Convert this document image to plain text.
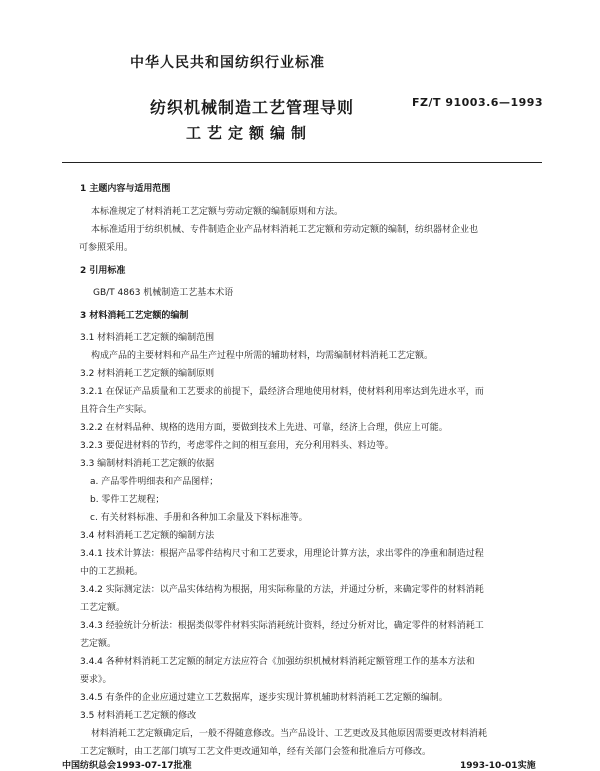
中华人民共和国纺织行业标准
纺织机械制造工艺管理导则
工艺定额编制
FZ/T 91003.6—1993
1 主题内容与适用范围
本标准规定了材料消耗工艺定额与劳动定额的编制原则和方法。
本标准适用于纺织机械、专件制造企业产品材料消耗工艺定额和劳动定额的编制，纺织器材企业也
可参照采用。
2 引用标准
GB/T 4863 机械制造工艺基本术语
3 材料消耗工艺定额的编制
3.1 材料消耗工艺定额的编制范围
构成产品的主要材料和产品生产过程中所需的辅助材料，均需编制材料消耗工艺定额。
3.2 材料消耗工艺定额的编制原则
3.2.1 在保证产品质量和工艺要求的前提下，最经济合理地使用材料，使材料利用率达到先进水平，而
且符合生产实际。
3.2.2 在材料品种、规格的选用方面，要做到技术上先进、可靠，经济上合理，供应上可能。
3.2.3 要促进材料的节约，考虑零件之间的相互套用，充分利用料头、料边等。
3.3 编制材料消耗工艺定额的依据
a. 产品零件明细表和产品图样；
b. 零件工艺规程；
c. 有关材料标准、手册和各种加工余量及下料标准等。
3.4 材料消耗工艺定额的编制方法
3.4.1 技术计算法：根据产品零件结构尺寸和工艺要求，用理论计算方法，求出零件的净重和制造过程
中的工艺损耗。
3.4.2 实际测定法：以产品实体结构为根据，用实际称量的方法，并通过分析，来确定零件的材料消耗
工艺定额。
3.4.3 经验统计分析法：根据类似零件材料实际消耗统计资料，经过分析对比，确定零件的材料消耗工
艺定额。
3.4.4 各种材料消耗工艺定额的制定方法应符合《加强纺织机械材料消耗定额管理工作的基本方法和
要求》。
3.4.5 有条件的企业应通过建立工艺数据库，逐步实现计算机辅助材料消耗工艺定额的编制。
3.5 材料消耗工艺定额的修改
材料消耗工艺定额确定后，一般不得随意修改。当产品设计、工艺更改及其他原因需要更改材料消耗
工艺定额时，由工艺部门填写工艺文件更改通知单，经有关部门会签和批准后方可修改。
中国纺织总会1993-07-17批准	1993-10-01实施
